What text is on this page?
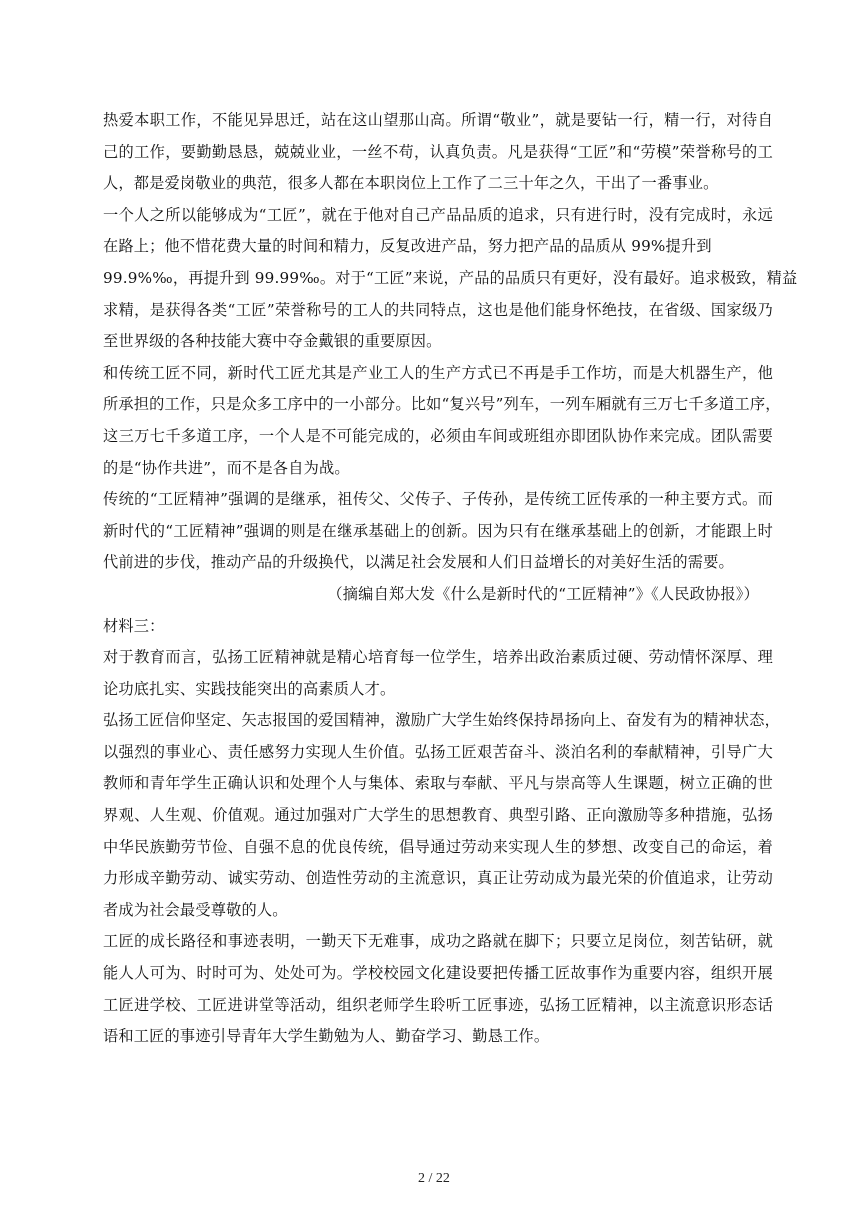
热爱本职工作，不能见异思迁，站在这山望那山高。所谓“敬业”，就是要钻一行，精一行，对待自
己的工作，要勤勤恳恳，兢兢业业，一丝不苟，认真负责。凡是获得“工匠”和“劳模”荣誉称号的工
人，都是爱岗敬业的典范，很多人都在本职岗位上工作了二三十年之久，干出了一番事业。
一个人之所以能够成为“工匠”，就在于他对自己产品品质的追求，只有进行时，没有完成时，永远
在路上；他不惜花费大量的时间和精力，反复改进产品，努力把产品的品质从 99%提升到
99.9%‰，再提升到 99.99‰。对于“工匠”来说，产品的品质只有更好，没有最好。追求极致，精益
求精，是获得各类“工匠”荣誉称号的工人的共同特点，这也是他们能身怀绝技，在省级、国家级乃
至世界级的各种技能大赛中夺金戴银的重要原因。
和传统工匠不同，新时代工匠尤其是产业工人的生产方式已不再是手工作坊，而是大机器生产，他
所承担的工作，只是众多工序中的一小部分。比如“复兴号”列车，一列车厢就有三万七千多道工序，
这三万七千多道工序，一个人是不可能完成的，必须由车间或班组亦即团队协作来完成。团队需要
的是“协作共进”，而不是各自为战。
传统的“工匠精神”强调的是继承，祖传父、父传子、子传孙，是传统工匠传承的一种主要方式。而
新时代的“工匠精神”强调的则是在继承基础上的创新。因为只有在继承基础上的创新，才能跟上时
代前进的步伐，推动产品的升级换代，以满足社会发展和人们日益增长的对美好生活的需要。
（摘编自郑大发《什么是新时代的“工匠精神”》《人民政协报》）
材料三：
对于教育而言，弘扬工匠精神就是精心培育每一位学生，培养出政治素质过硬、劳动情怀深厚、理
论功底扎实、实践技能突出的高素质人才。
弘扬工匠信仰坚定、矢志报国的爱国精神，激励广大学生始终保持昂扬向上、奋发有为的精神状态，
以强烈的事业心、责任感努力实现人生价值。弘扬工匠艰苦奋斗、淡泊名利的奉献精神，引导广大
教师和青年学生正确认识和处理个人与集体、索取与奉献、平凡与崇高等人生课题，树立正确的世
界观、人生观、价值观。通过加强对广大学生的思想教育、典型引路、正向激励等多种措施，弘扬
中华民族勤劳节俭、自强不息的优良传统，倡导通过劳动来实现人生的梦想、改变自己的命运，着
力形成辛勤劳动、诚实劳动、创造性劳动的主流意识，真正让劳动成为最光荣的价值追求，让劳动
者成为社会最受尊敬的人。
工匠的成长路径和事迹表明，一勤天下无难事，成功之路就在脚下；只要立足岗位，刻苦钻研，就
能人人可为、时时可为、处处可为。学校校园文化建设要把传播工匠故事作为重要内容，组织开展
工匠进学校、工匠进讲堂等活动，组织老师学生聆听工匠事迹，弘扬工匠精神，以主流意识形态话
语和工匠的事迹引导青年大学生勤勉为人、勤奋学习、勤恳工作。
2 / 22
